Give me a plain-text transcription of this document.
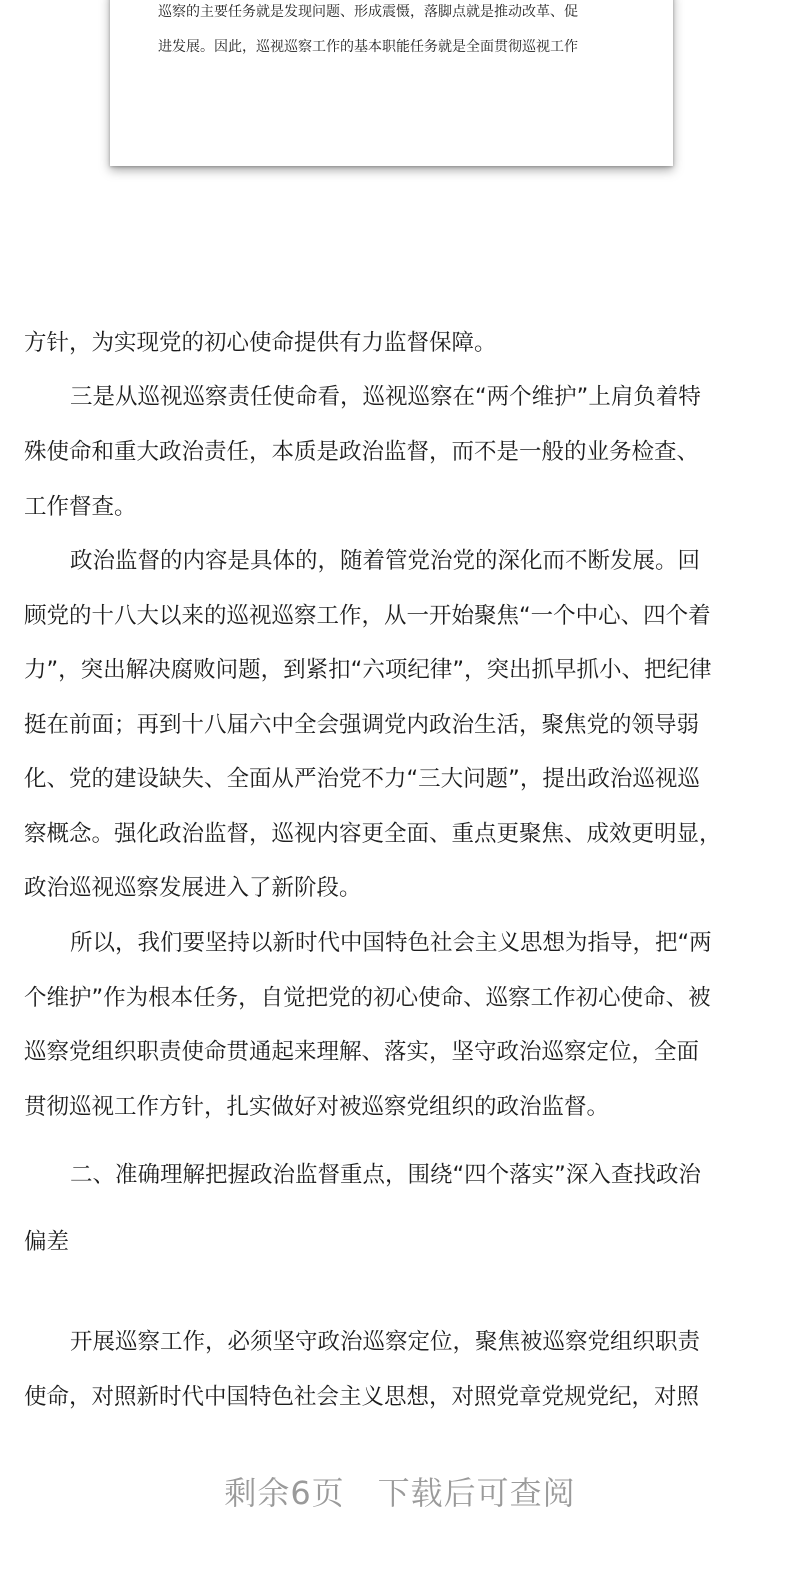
巡察的主要任务就是发现问题、形成震慑，落脚点就是推动改革、促
进发展。因此，巡视巡察工作的基本职能任务就是全面贯彻巡视工作
方针，为实现党的初心使命提供有力监督保障。
三是从巡视巡察责任使命看，巡视巡察在“两个维护”上肩负着特
殊使命和重大政治责任，本质是政治监督，而不是一般的业务检查、
工作督查。
政治监督的内容是具体的，随着管党治党的深化而不断发展。回
顾党的十八大以来的巡视巡察工作，从一开始聚焦“一个中心、四个着
力”，突出解决腐败问题，到紧扣“六项纪律”，突出抓早抓小、把纪律
挺在前面；再到十八届六中全会强调党内政治生活，聚焦党的领导弱
化、党的建设缺失、全面从严治党不力“三大问题”，提出政治巡视巡
察概念。强化政治监督，巡视内容更全面、重点更聚焦、成效更明显，
政治巡视巡察发展进入了新阶段。
所以，我们要坚持以新时代中国特色社会主义思想为指导，把“两
个维护”作为根本任务，自觉把党的初心使命、巡察工作初心使命、被
巡察党组织职责使命贯通起来理解、落实，坚守政治巡察定位，全面
贯彻巡视工作方针，扎实做好对被巡察党组织的政治监督。
二、准确理解把握政治监督重点，围绕“四个落实”深入查找政治
偏差
开展巡察工作，必须坚守政治巡察定位，聚焦被巡察党组织职责
使命，对照新时代中国特色社会主义思想，对照党章党规党纪，对照
剩余6页　下载后可查阅
